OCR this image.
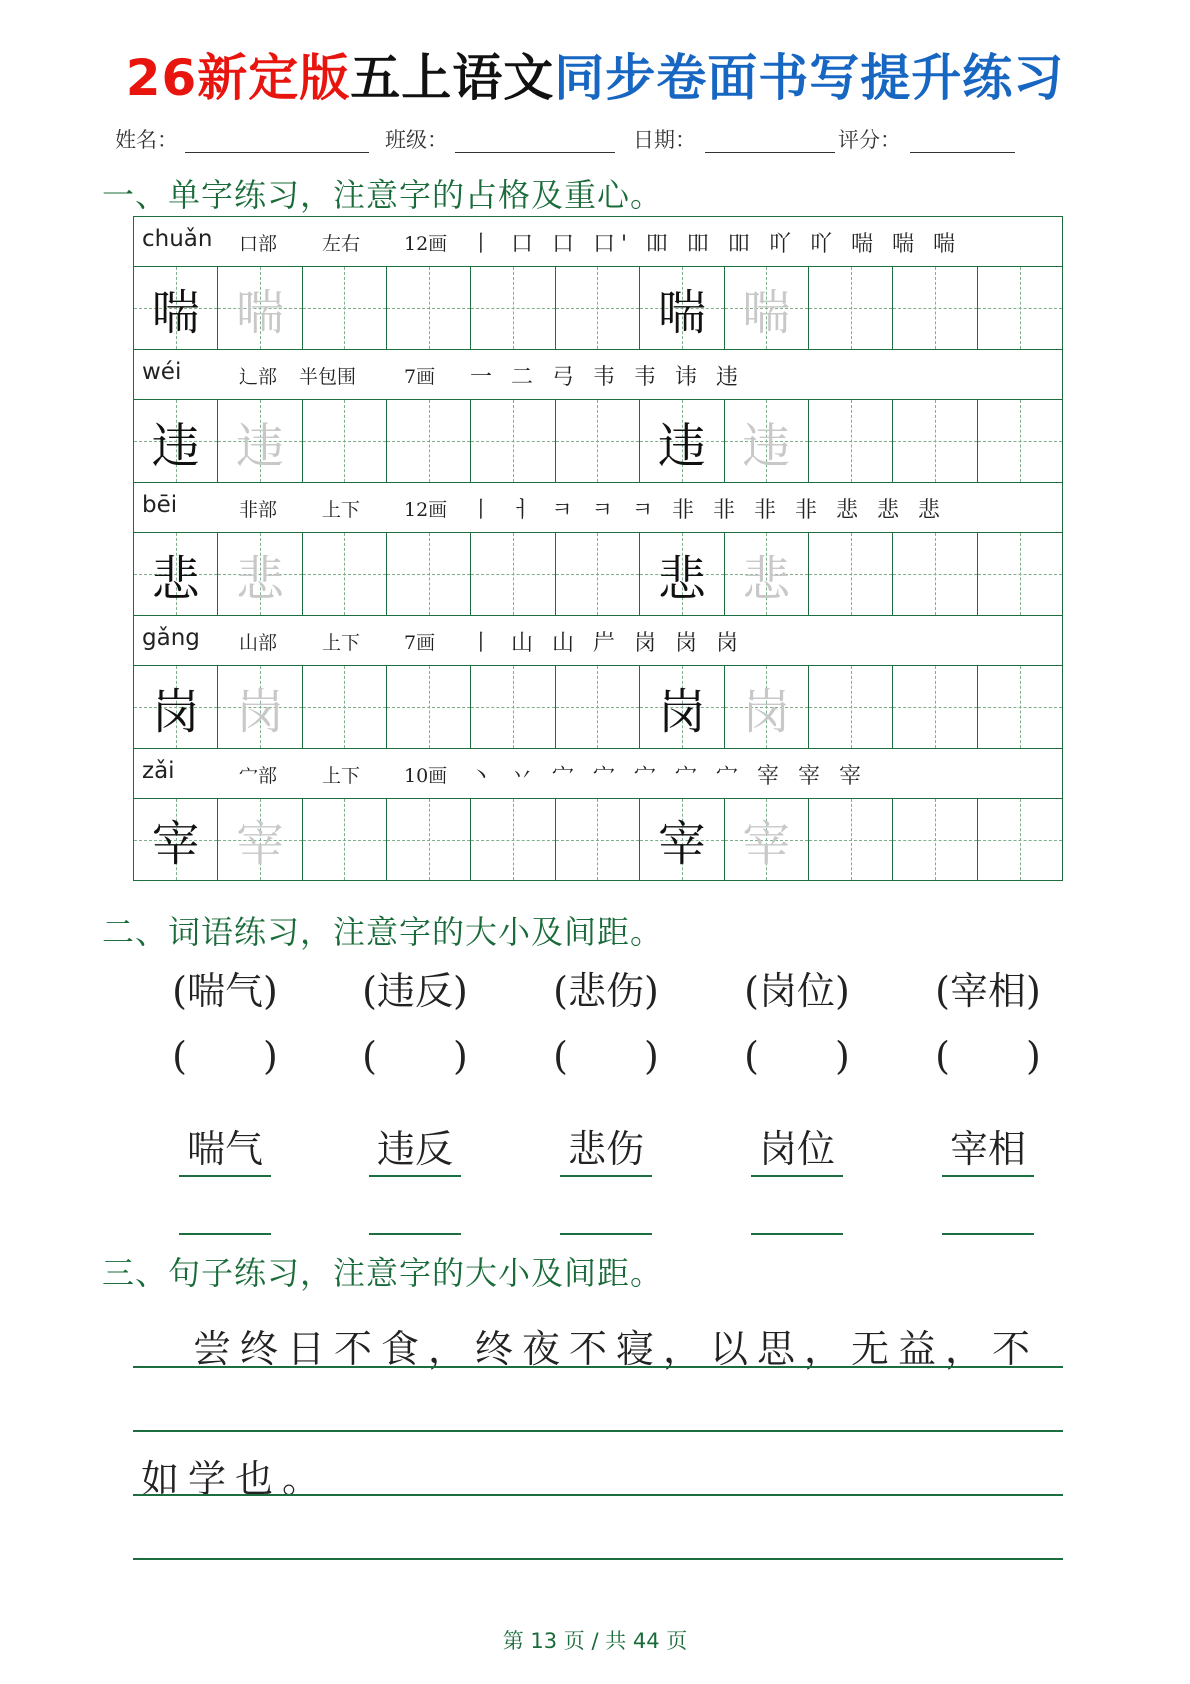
26新定版五上语文同步卷面书写提升练习
姓名：	班级：	日期：	评分：
一、单字练习，注意字的占格及重心。
chuǎn 口部 左右 12画 丨 口 口 口' 吅 吅 吅 吖 吖 喘 喘 喘
喘 喘	喘 喘
wéi	辶部 半包围	7画 一 二 弓 韦 韦 讳 违
违 违	违 违
bēi	非部 上下 12画 丨 ㅓ ㅋ ㅋ ㅋ 非 非 非 非 悲 悲 悲
悲 悲	悲 悲
gǎng 山部 上下 7画 丨 山 山 屵 岗 岗 岗
岗 岗	岗 岗
zǎi	宀部 上下 10画 丶 丷 宀 宀 宀 宀 宀 宰 宰 宰
宰 宰	宰 宰
二、词语练习，注意字的大小及间距。
(喘气)
(　　)
喘气
(违反)
(　　)
违反
(悲伤)
(　　)
悲伤
(岗位)
(　　)
岗位
(宰相)
(　　)
宰相
三、句子练习，注意字的大小及间距。
尝终日不食，终夜不寝，以思，无益，不
如学也。
第 13 页 / 共 44 页
